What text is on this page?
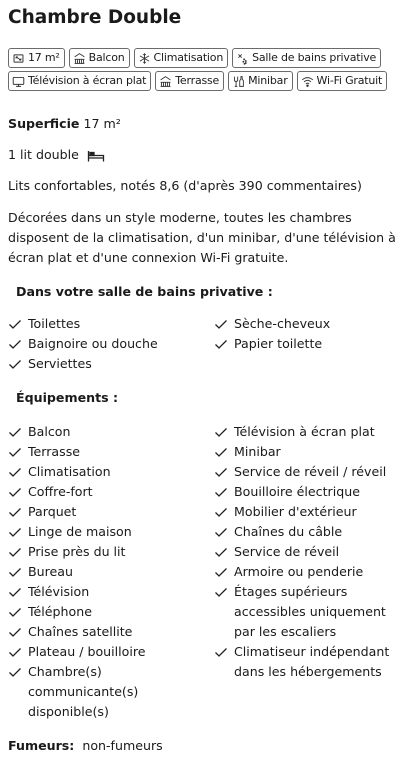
Chambre Double
17 m²	Balcon	Climatisation	Salle de bains privative
Télévision à écran plat	Terrasse	Minibar	Wi-Fi Gratuit
Superficie 17 m²
1 lit double
Lits confortables, notés 8,6 (d'après 390 commentaires)
Décorées dans un style moderne, toutes les chambres disposent de la climatisation, d'un minibar, d'une télévision à écran plat et d'une connexion Wi-Fi gratuite.
Dans votre salle de bains privative :
Toilettes
Baignoire ou douche
Serviettes
Sèche-cheveux
Papier toilette
Équipements :
Balcon
Terrasse
Climatisation
Coffre-fort
Parquet
Linge de maison
Prise près du lit
Bureau
Télévision
Téléphone
Chaînes satellite
Plateau / bouilloire
Chambre(s) communicante(s) disponible(s)
Télévision à écran plat
Minibar
Service de réveil / réveil
Bouilloire électrique
Mobilier d'extérieur
Chaînes du câble
Service de réveil
Armoire ou penderie
Étages supérieurs accessibles uniquement par les escaliers
Climatiseur indépendant dans les hébergements
Fumeurs: non-fumeurs
